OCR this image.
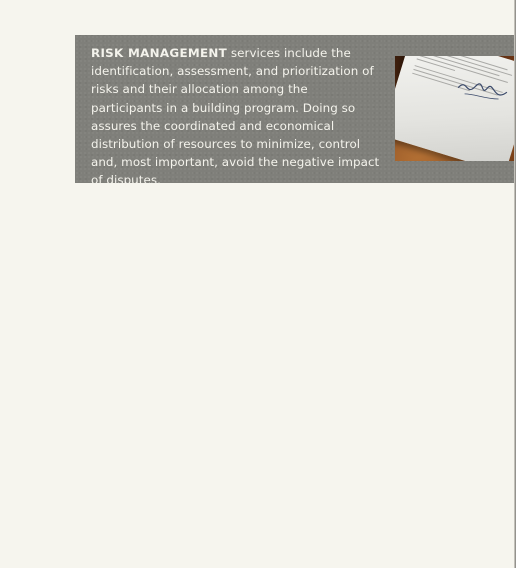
RISK MANAGEMENT services include the identification, assessment, and prioritization of risks and their allocation among the participants in a building program. Doing so assures the coordinated and economical distribution of resources to minimize, control and, most important, avoid the negative impact of disputes.
